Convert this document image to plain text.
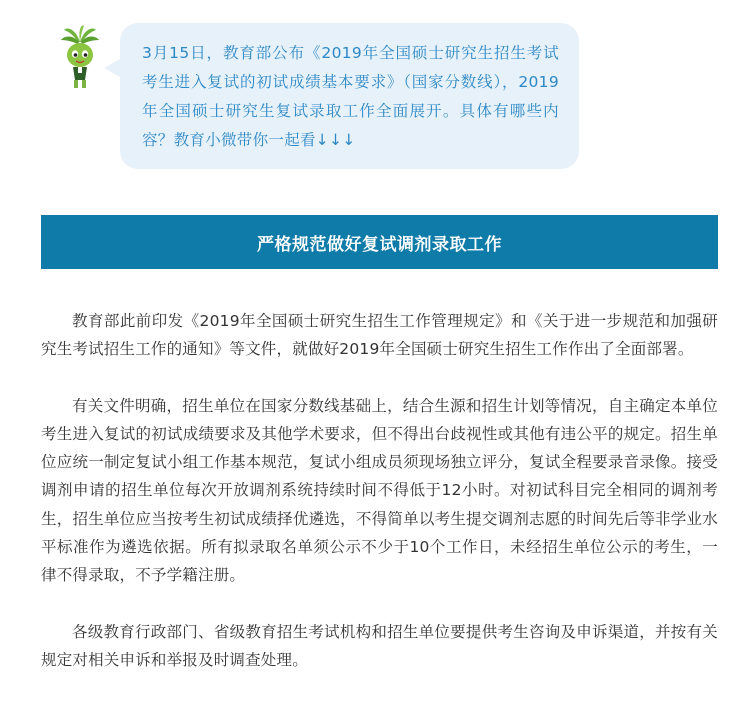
3月15日，教育部公布《2019年全国硕士研究生招生考试考生进入复试的初试成绩基本要求》（国家分数线），2019年全国硕士研究生复试录取工作全面展开。具体有哪些内容？教育小微带你一起看↓↓↓

严格规范做好复试调剂录取工作

教育部此前印发《2019年全国硕士研究生招生工作管理规定》和《关于进一步规范和加强研究生考试招生工作的通知》等文件，就做好2019年全国硕士研究生招生工作作出了全面部署。

有关文件明确，招生单位在国家分数线基础上，结合生源和招生计划等情况，自主确定本单位考生进入复试的初试成绩要求及其他学术要求，但不得出台歧视性或其他有违公平的规定。招生单位应统一制定复试小组工作基本规范，复试小组成员须现场独立评分，复试全程要录音录像。接受调剂申请的招生单位每次开放调剂系统持续时间不得低于12小时。对初试科目完全相同的调剂考生，招生单位应当按考生初试成绩择优遴选，不得简单以考生提交调剂志愿的时间先后等非学业水平标准作为遴选依据。所有拟录取名单须公示不少于10个工作日，未经招生单位公示的考生，一律不得录取，不予学籍注册。

各级教育行政部门、省级教育招生考试机构和招生单位要提供考生咨询及申诉渠道，并按有关规定对相关申诉和举报及时调查处理。
